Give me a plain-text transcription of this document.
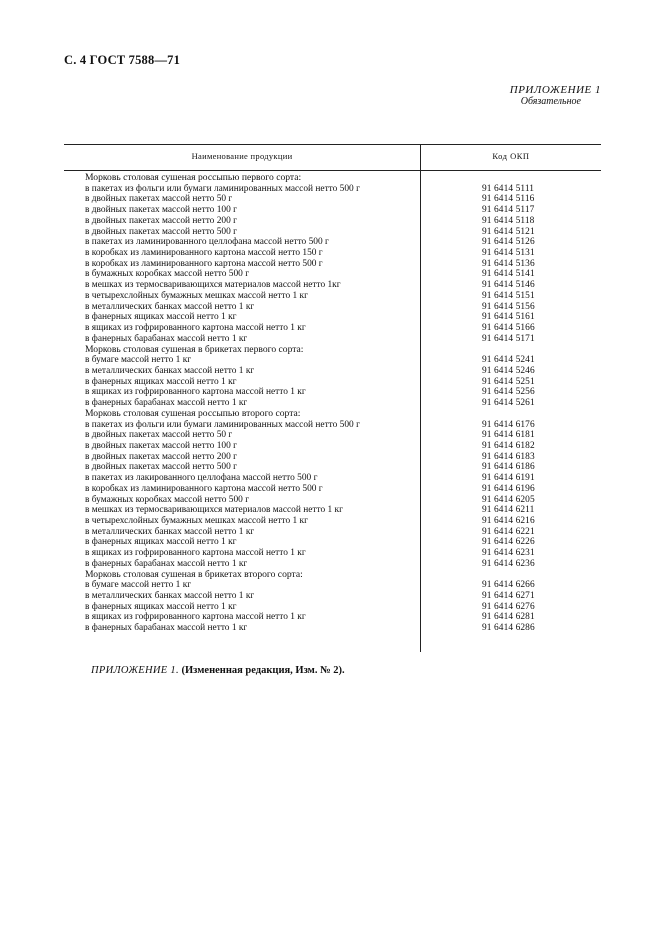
С. 4 ГОСТ 7588—71
ПРИЛОЖЕНИЕ 1
Обязательное
Наименование продукции	Код ОКП
Морковь столовая сушеная россыпью первого сорта:
в пакетах из фольги или бумаги ламинированных массой нетто 500 г	91 6414 5111
в двойных пакетах массой нетто 50 г	91 6414 5116
в двойных пакетах массой нетто 100 г	91 6414 5117
в двойных пакетах массой нетто 200 г	91 6414 5118
в двойных пакетах массой нетто 500 г	91 6414 5121
в пакетах из ламинированного целлофана массой нетто 500 г	91 6414 5126
в коробках из ламинированного картона массой нетто 150 г	91 6414 5131
в коробках из ламинированного картона массой нетто 500 г	91 6414 5136
в бумажных коробках массой нетто 500 г	91 6414 5141
в мешках из термосваривающихся материалов массой нетто 1кг	91 6414 5146
в четырехслойных бумажных мешках массой нетто 1 кг	91 6414 5151
в металлических банках массой нетто 1 кг	91 6414 5156
в фанерных ящиках массой нетто 1 кг	91 6414 5161
в ящиках из гофрированного картона массой нетто 1 кг	91 6414 5166
в фанерных барабанах массой нетто 1 кг	91 6414 5171
Морковь столовая сушеная в брикетах первого сорта:
в бумаге массой нетто 1 кг	91 6414 5241
в металлических банках массой нетто 1 кг	91 6414 5246
в фанерных ящиках массой нетто 1 кг	91 6414 5251
в ящиках из гофрированного картона массой нетто 1 кг	91 6414 5256
в фанерных барабанах массой нетто 1 кг	91 6414 5261
Морковь столовая сушеная россыпью второго сорта:
в пакетах из фольги или бумаги ламинированных массой нетто 500 г	91 6414 6176
в двойных пакетах массой нетто 50 г	91 6414 6181
в двойных пакетах массой нетто 100 г	91 6414 6182
в двойных пакетах массой нетто 200 г	91 6414 6183
в двойных пакетах массой нетто 500 г	91 6414 6186
в пакетах из лакированного целлофана массой нетто 500 г	91 6414 6191
в коробках из ламинированного картона массой нетто 500 г	91 6414 6196
в бумажных коробках массой нетто 500 г	91 6414 6205
в мешках из термосваривающихся материалов массой нетто 1 кг	91 6414 6211
в четырехслойных бумажных мешках массой нетто 1 кг	91 6414 6216
в металлических банках массой нетто 1 кг	91 6414 6221
в фанерных ящиках массой нетто 1 кг	91 6414 6226
в ящиках из гофрированного картона массой нетто 1 кг	91 6414 6231
в фанерных барабанах массой нетто 1 кг	91 6414 6236
Морковь столовая сушеная в брикетах второго сорта:
в бумаге массой нетто 1 кг	91 6414 6266
в металлических банках массой нетто 1 кг	91 6414 6271
в фанерных ящиках массой нетто 1 кг	91 6414 6276
в ящиках из гофрированного картона массой нетто 1 кг	91 6414 6281
в фанерных барабанах массой нетто 1 кг	91 6414 6286
ПРИЛОЖЕНИЕ 1. (Измененная редакция, Изм. № 2).
